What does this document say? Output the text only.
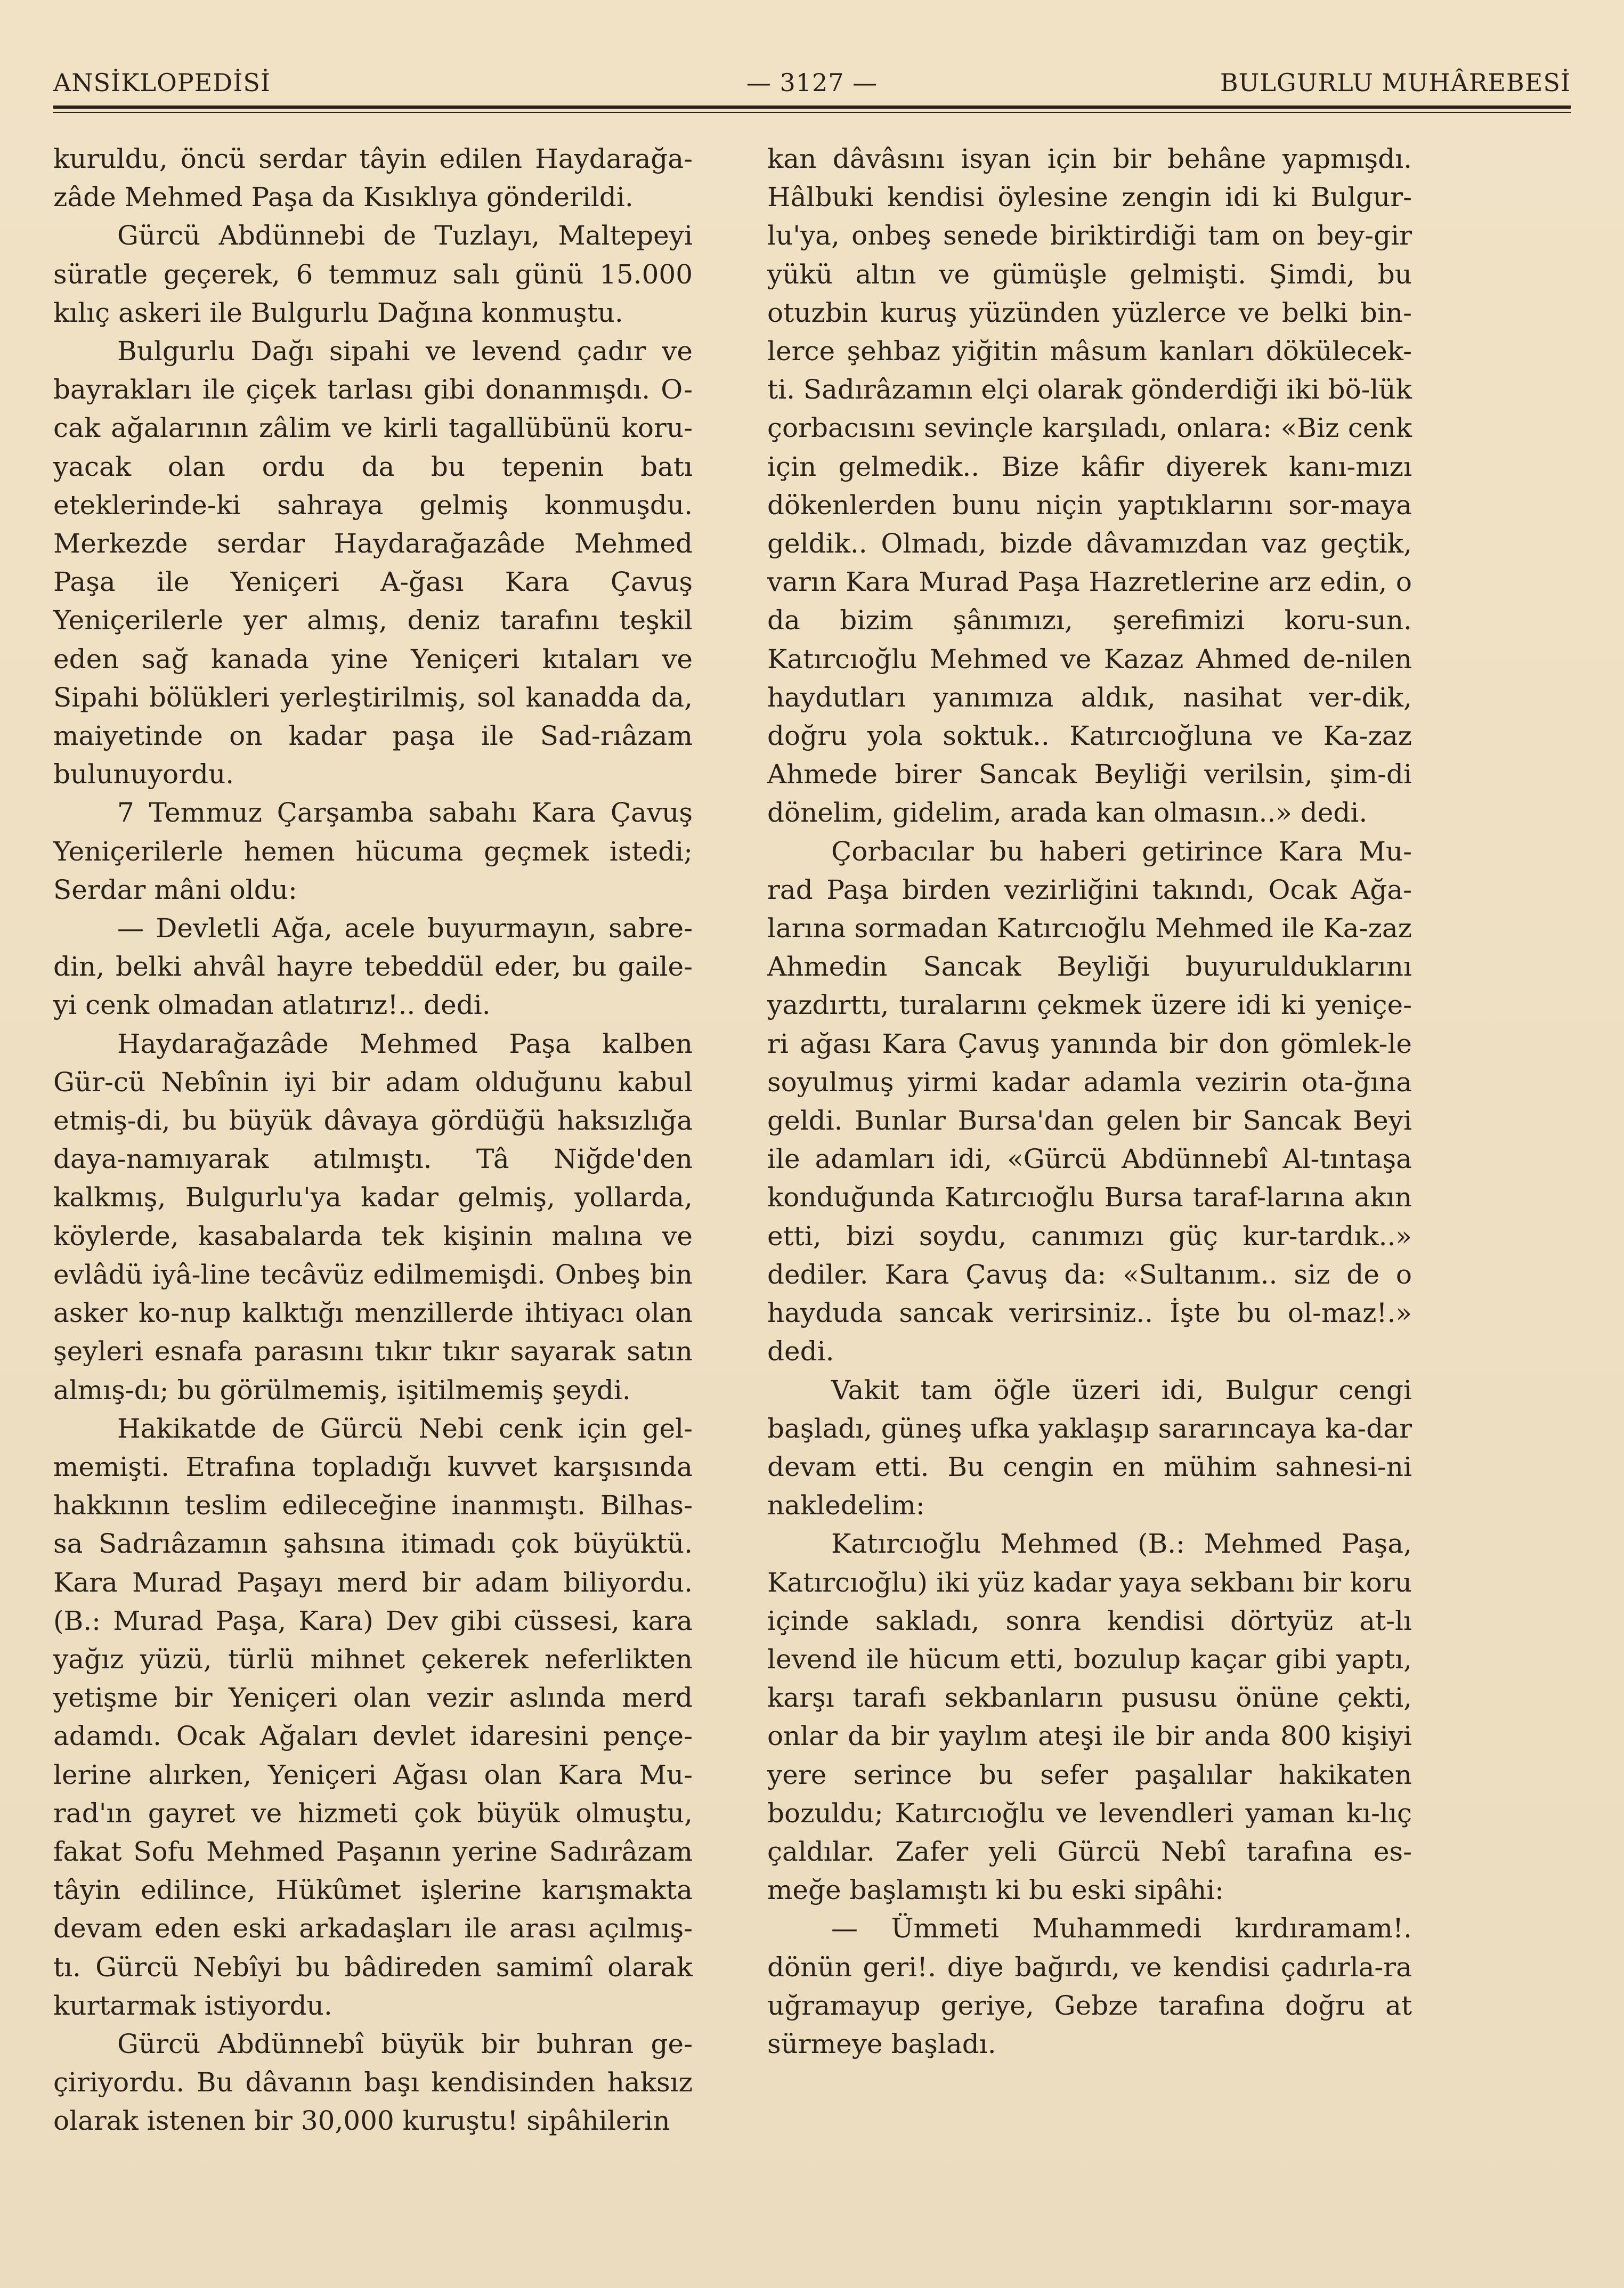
ANSİKLOPEDİSİ	— 3127 —	BULGURLU MUHÂREBESİ

kuruldu, öncü serdar tâyin edilen Haydarağa-zâde Mehmed Paşa da Kısıklıya gönderildi.

Gürcü Abdünnebi de Tuzlayı, Maltepeyi süratle geçerek, 6 temmuz salı günü 15.000 kılıç askeri ile Bulgurlu Dağına konmuştu.

Bulgurlu Dağı sipahi ve levend çadır ve bayrakları ile çiçek tarlası gibi donanmışdı. O-cak ağalarının zâlim ve kirli tagallübünü koru-yacak olan ordu da bu tepenin batı eteklerinde-ki sahraya gelmiş konmuşdu. Merkezde serdar Haydarağazâde Mehmed Paşa ile Yeniçeri A-ğası Kara Çavuş Yeniçerilerle yer almış, deniz tarafını teşkil eden sağ kanada yine Yeniçeri kıtaları ve Sipahi bölükleri yerleştirilmiş, sol kanadda da, maiyetinde on kadar paşa ile Sad-rıâzam bulunuyordu.

7 Temmuz Çarşamba sabahı Kara Çavuş Yeniçerilerle hemen hücuma geçmek istedi; Serdar mâni oldu:

— Devletli Ağa, acele buyurmayın, sabre-din, belki ahvâl hayre tebeddül eder, bu gaile-yi cenk olmadan atlatırız!.. dedi.

Haydarağazâde Mehmed Paşa kalben Gür-cü Nebînin iyi bir adam olduğunu kabul etmiş-di, bu büyük dâvaya gördüğü haksızlığa daya-namıyarak atılmıştı. Tâ Niğde'den kalkmış, Bulgurlu'ya kadar gelmiş, yollarda, köylerde, kasabalarda tek kişinin malına ve evlâdü iyâ-line tecâvüz edilmemişdi. Onbeş bin asker ko-nup kalktığı menzillerde ihtiyacı olan şeyleri esnafa parasını tıkır tıkır sayarak satın almış-dı; bu görülmemiş, işitilmemiş şeydi.

Hakikatde de Gürcü Nebi cenk için gel-memişti. Etrafına topladığı kuvvet karşısında hakkının teslim edileceğine inanmıştı. Bilhas-sa Sadrıâzamın şahsına itimadı çok büyüktü. Kara Murad Paşayı merd bir adam biliyordu. (B.: Murad Paşa, Kara) Dev gibi cüssesi, kara yağız yüzü, türlü mihnet çekerek neferlikten yetişme bir Yeniçeri olan vezir aslında merd adamdı. Ocak Ağaları devlet idaresini pençe-lerine alırken, Yeniçeri Ağası olan Kara Mu-rad'ın gayret ve hizmeti çok büyük olmuştu, fakat Sofu Mehmed Paşanın yerine Sadırâzam tâyin edilince, Hükûmet işlerine karışmakta devam eden eski arkadaşları ile arası açılmış-tı. Gürcü Nebîyi bu bâdireden samimî olarak kurtarmak istiyordu.

Gürcü Abdünnebî büyük bir buhran ge-çiriyordu. Bu dâvanın başı kendisinden haksız olarak istenen bir 30,000 kuruştu! sipâhilerin

kan dâvâsını isyan için bir behâne yapmışdı. Hâlbuki kendisi öylesine zengin idi ki Bulgur-lu'ya, onbeş senede biriktirdiği tam on bey-gir yükü altın ve gümüşle gelmişti. Şimdi, bu otuzbin kuruş yüzünden yüzlerce ve belki bin-lerce şehbaz yiğitin mâsum kanları dökülecek-ti. Sadırâzamın elçi olarak gönderdiği iki bö-lük çorbacısını sevinçle karşıladı, onlara: «Biz cenk için gelmedik.. Bize kâfir diyerek kanı-mızı dökenlerden bunu niçin yaptıklarını sor-maya geldik.. Olmadı, bizde dâvamızdan vaz geçtik, varın Kara Murad Paşa Hazretlerine arz edin, o da bizim şânımızı, şerefimizi koru-sun. Katırcıoğlu Mehmed ve Kazaz Ahmed de-nilen haydutları yanımıza aldık, nasihat ver-dik, doğru yola soktuk.. Katırcıoğluna ve Ka-zaz Ahmede birer Sancak Beyliği verilsin, şim-di dönelim, gidelim, arada kan olmasın..» dedi.

Çorbacılar bu haberi getirince Kara Mu-rad Paşa birden vezirliğini takındı, Ocak Ağa-larına sormadan Katırcıoğlu Mehmed ile Ka-zaz Ahmedin Sancak Beyliği buyurulduklarını yazdırttı, turalarını çekmek üzere idi ki yeniçe-ri ağası Kara Çavuş yanında bir don gömlek-le soyulmuş yirmi kadar adamla vezirin ota-ğına geldi. Bunlar Bursa'dan gelen bir Sancak Beyi ile adamları idi, «Gürcü Abdünnebî Al-tıntaşa konduğunda Katırcıoğlu Bursa taraf-larına akın etti, bizi soydu, canımızı güç kur-tardık..» dediler. Kara Çavuş da: «Sultanım.. siz de o hayduda sancak verirsiniz.. İşte bu ol-maz!.» dedi.

Vakit tam öğle üzeri idi, Bulgur cengi başladı, güneş ufka yaklaşıp sararıncaya ka-dar devam etti. Bu cengin en mühim sahnesi-ni nakledelim:

Katırcıoğlu Mehmed (B.: Mehmed Paşa, Katırcıoğlu) iki yüz kadar yaya sekbanı bir koru içinde sakladı, sonra kendisi dörtyüz at-lı levend ile hücum etti, bozulup kaçar gibi yaptı, karşı tarafı sekbanların pususu önüne çekti, onlar da bir yaylım ateşi ile bir anda 800 kişiyi yere serince bu sefer paşalılar hakikaten bozuldu; Katırcıoğlu ve levendleri yaman kı-lıç çaldılar. Zafer yeli Gürcü Nebî tarafına es-meğe başlamıştı ki bu eski sipâhi:

— Ümmeti Muhammedi kırdıramam!. dönün geri!. diye bağırdı, ve kendisi çadırla-ra uğramayup geriye, Gebze tarafına doğru at sürmeye başladı.
